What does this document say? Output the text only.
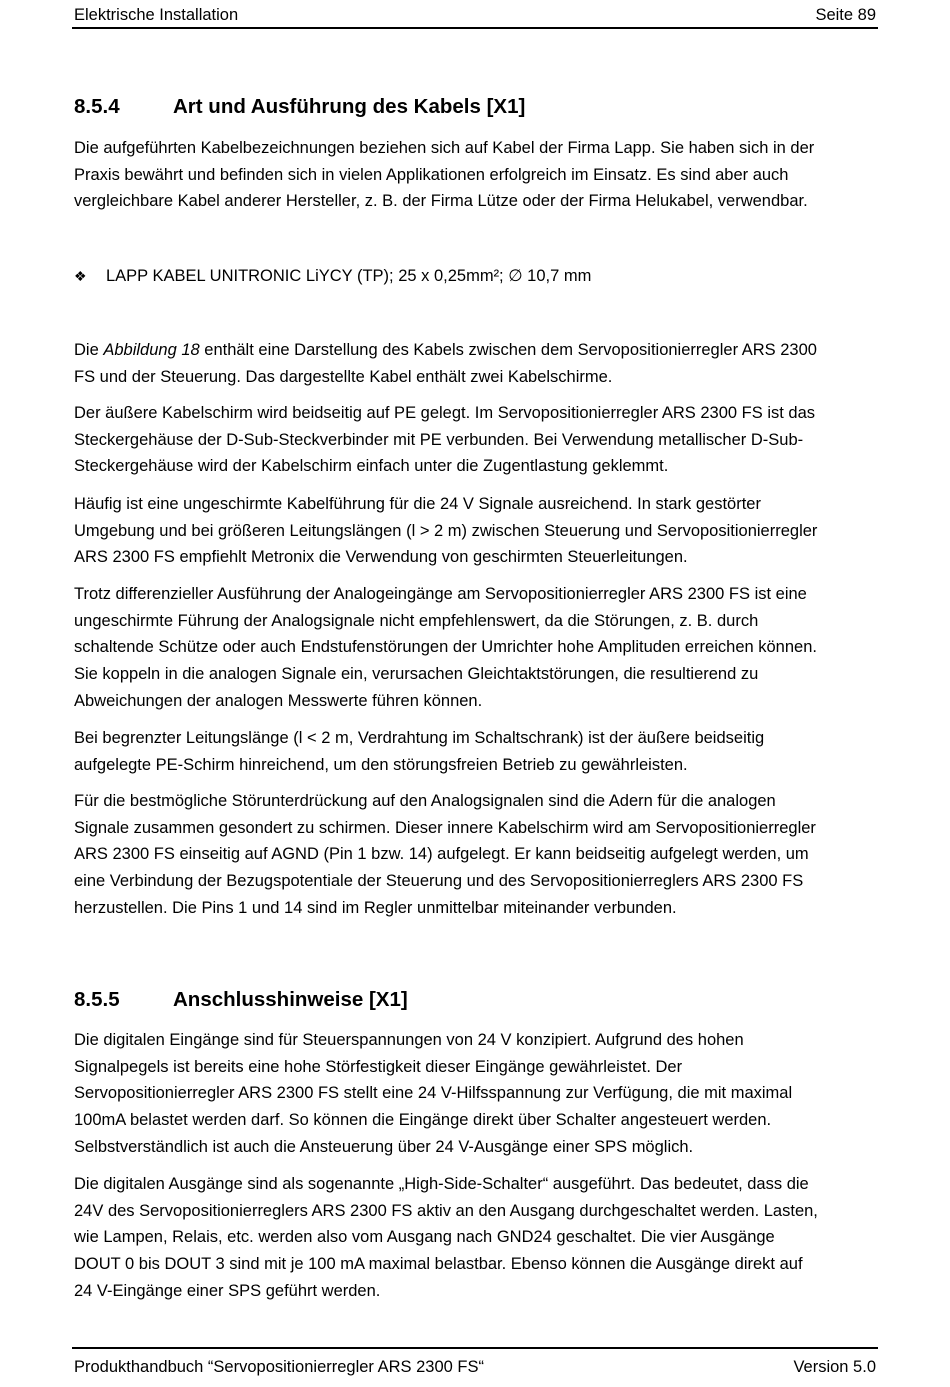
Elektrische Installation	Seite 89
8.5.4	Art und Ausführung des Kabels [X1]
Die aufgeführten Kabelbezeichnungen beziehen sich auf Kabel der Firma Lapp. Sie haben sich in der
Praxis bewährt und befinden sich in vielen Applikationen erfolgreich im Einsatz. Es sind aber auch
vergleichbare Kabel anderer Hersteller, z. B. der Firma Lütze oder der Firma Helukabel, verwendbar.
❖ LAPP KABEL UNITRONIC LiYCY (TP); 25 x 0,25mm²; ∅ 10,7 mm
Die Abbildung 18 enthält eine Darstellung des Kabels zwischen dem Servopositionierregler ARS 2300
FS und der Steuerung. Das dargestellte Kabel enthält zwei Kabelschirme.
Der äußere Kabelschirm wird beidseitig auf PE gelegt. Im Servopositionierregler ARS 2300 FS ist das
Steckergehäuse der D-Sub-Steckverbinder mit PE verbunden. Bei Verwendung metallischer D-Sub-
Steckergehäuse wird der Kabelschirm einfach unter die Zugentlastung geklemmt.
Häufig ist eine ungeschirmte Kabelführung für die 24 V Signale ausreichend. In stark gestörter
Umgebung und bei größeren Leitungslängen (l > 2 m) zwischen Steuerung und Servopositionierregler
ARS 2300 FS empfiehlt Metronix die Verwendung von geschirmten Steuerleitungen.
Trotz differenzieller Ausführung der Analogeingänge am Servopositionierregler ARS 2300 FS ist eine
ungeschirmte Führung der Analogsignale nicht empfehlenswert, da die Störungen, z. B. durch
schaltende Schütze oder auch Endstufenstörungen der Umrichter hohe Amplituden erreichen können.
Sie koppeln in die analogen Signale ein, verursachen Gleichtaktstörungen, die resultierend zu
Abweichungen der analogen Messwerte führen können.
Bei begrenzter Leitungslänge (l < 2 m, Verdrahtung im Schaltschrank) ist der äußere beidseitig
aufgelegte PE-Schirm hinreichend, um den störungsfreien Betrieb zu gewährleisten.
Für die bestmögliche Störunterdrückung auf den Analogsignalen sind die Adern für die analogen
Signale zusammen gesondert zu schirmen. Dieser innere Kabelschirm wird am Servopositionierregler
ARS 2300 FS einseitig auf AGND (Pin 1 bzw. 14) aufgelegt. Er kann beidseitig aufgelegt werden, um
eine Verbindung der Bezugspotentiale der Steuerung und des Servopositionierreglers ARS 2300 FS
herzustellen. Die Pins 1 und 14 sind im Regler unmittelbar miteinander verbunden.
8.5.5	Anschlusshinweise [X1]
Die digitalen Eingänge sind für Steuerspannungen von 24 V konzipiert. Aufgrund des hohen
Signalpegels ist bereits eine hohe Störfestigkeit dieser Eingänge gewährleistet. Der
Servopositionierregler ARS 2300 FS stellt eine 24 V-Hilfsspannung zur Verfügung, die mit maximal
100mA belastet werden darf. So können die Eingänge direkt über Schalter angesteuert werden.
Selbstverständlich ist auch die Ansteuerung über 24 V-Ausgänge einer SPS möglich.
Die digitalen Ausgänge sind als sogenannte „High-Side-Schalter“ ausgeführt. Das bedeutet, dass die
24V des Servopositionierreglers ARS 2300 FS aktiv an den Ausgang durchgeschaltet werden. Lasten,
wie Lampen, Relais, etc. werden also vom Ausgang nach GND24 geschaltet. Die vier Ausgänge
DOUT 0 bis DOUT 3 sind mit je 100 mA maximal belastbar. Ebenso können die Ausgänge direkt auf
24 V-Eingänge einer SPS geführt werden.
Produkthandbuch “Servopositionierregler ARS 2300 FS“	Version 5.0
